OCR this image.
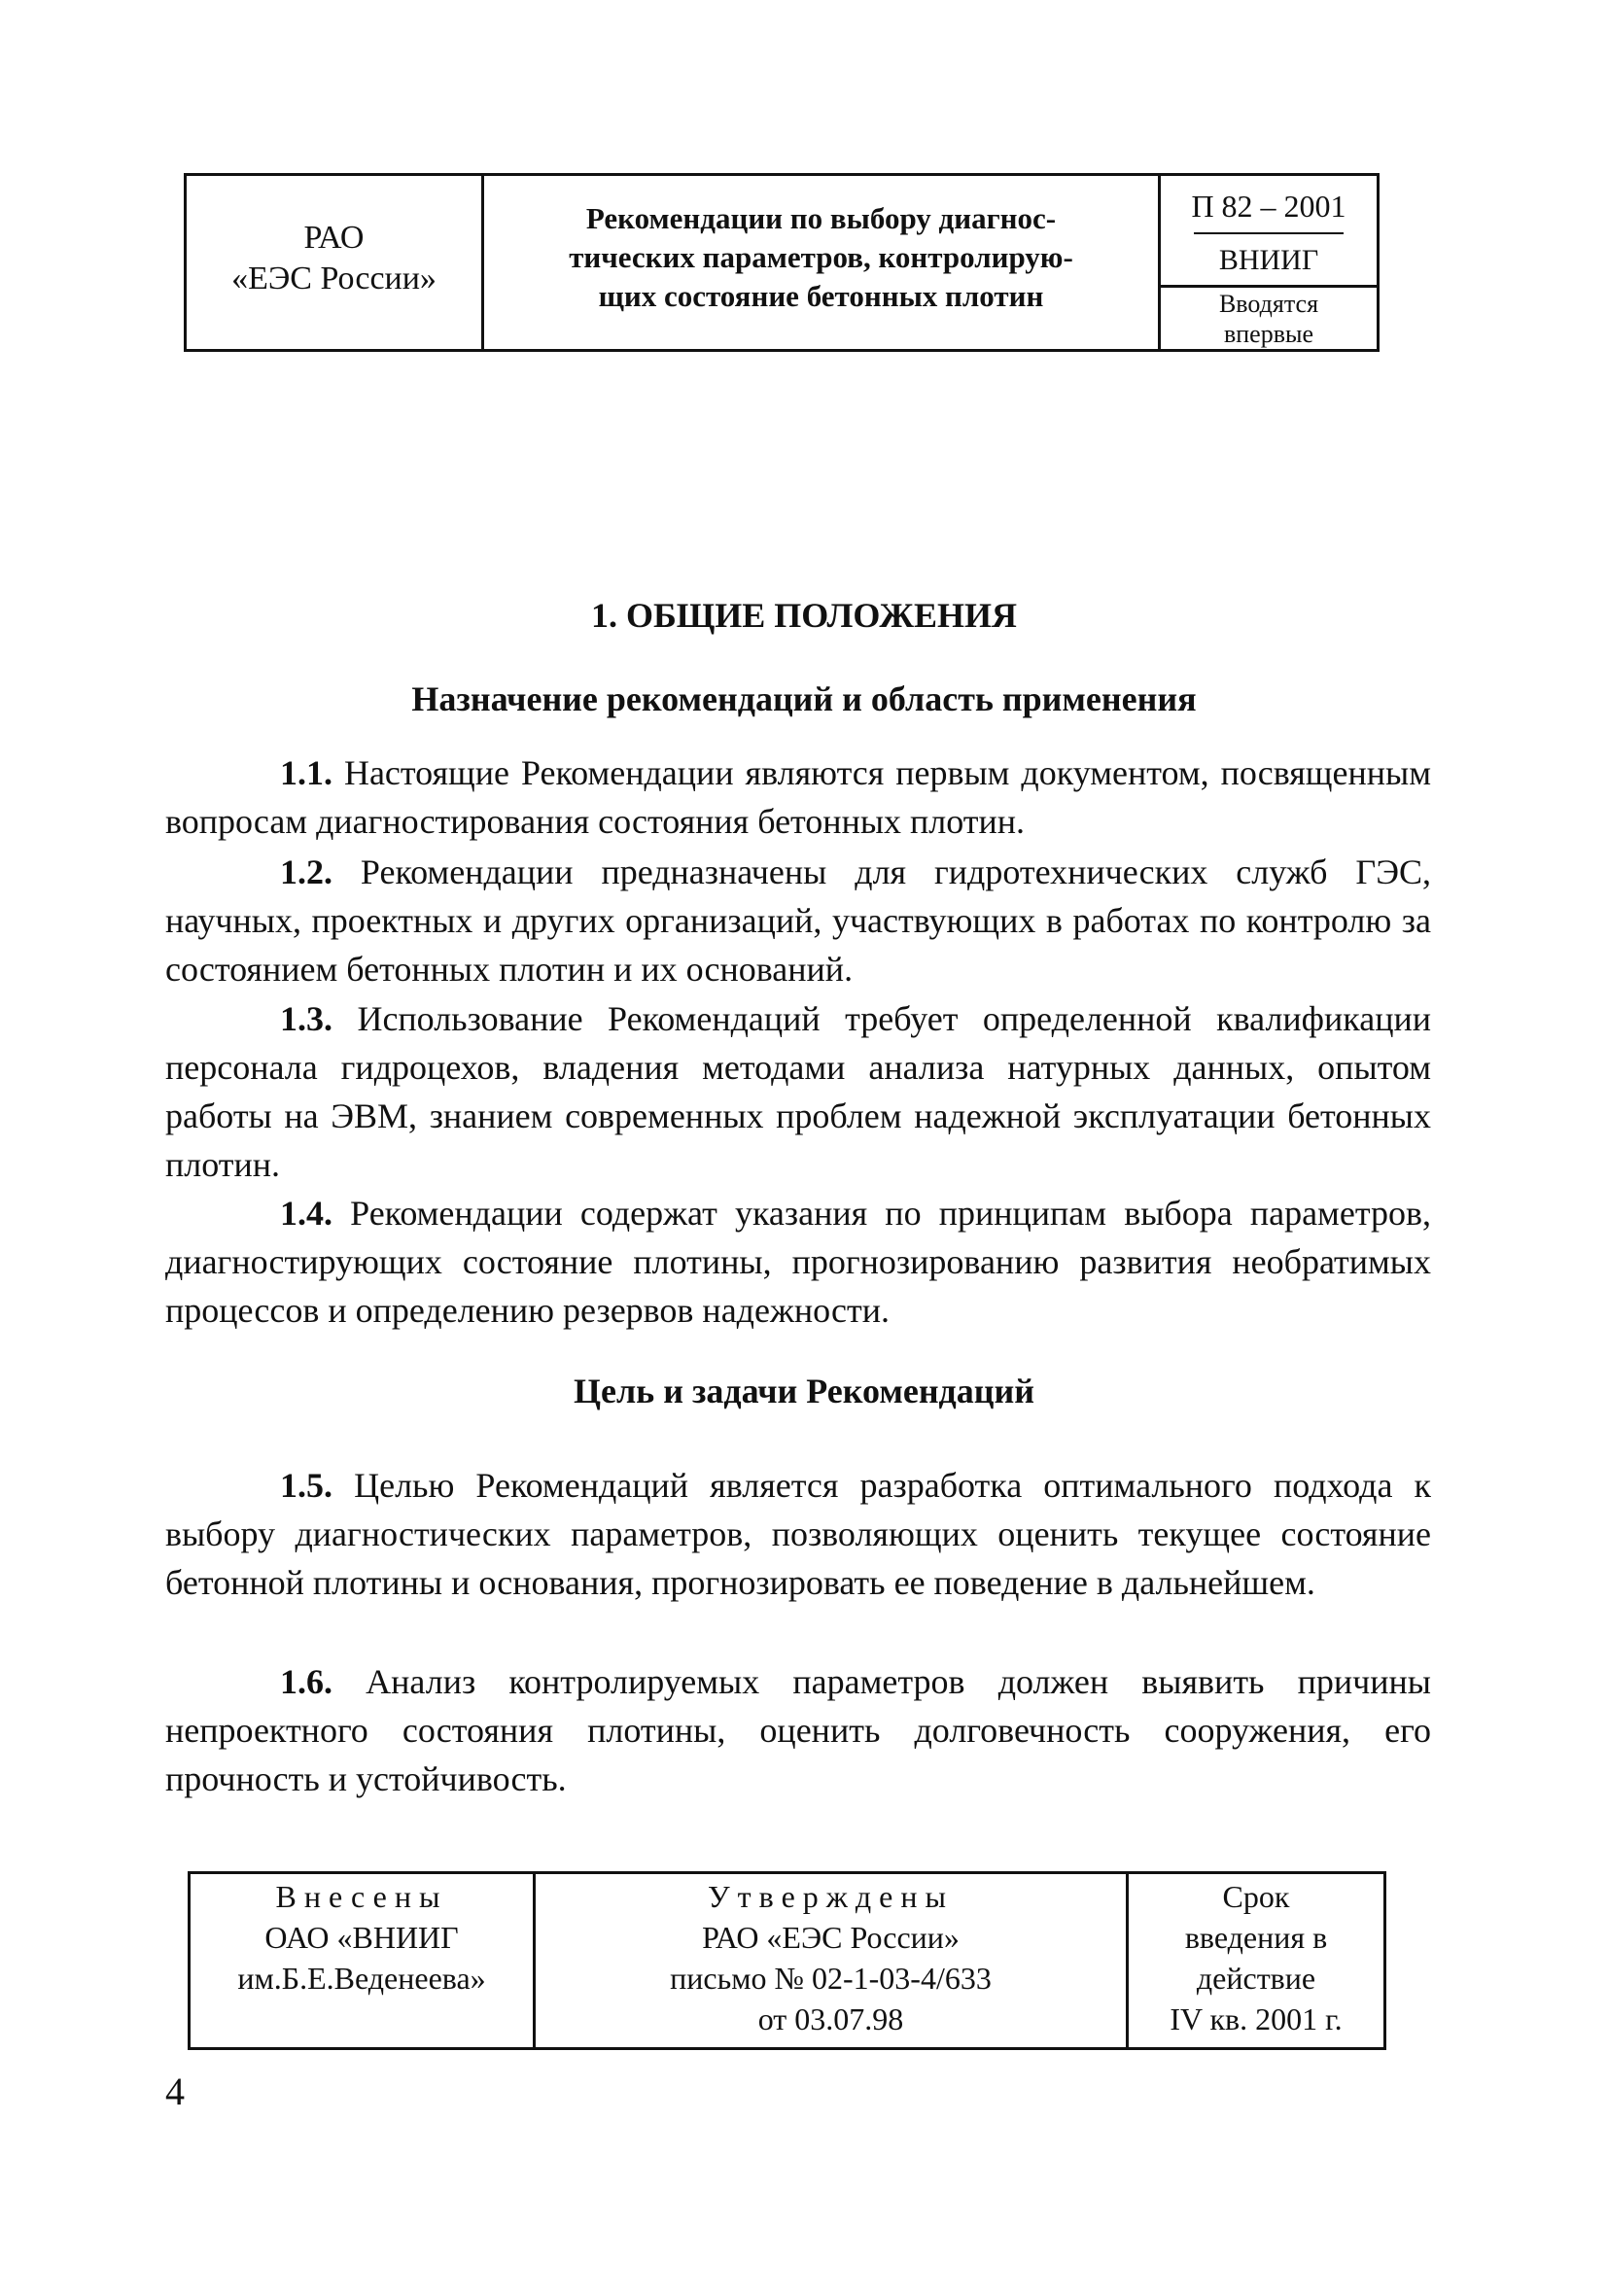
РАО
«ЕЭС России»
Рекомендации по выбору диагнос-
тических параметров, контролирую-
щих состояние бетонных плотин
П 82 – 2001
ВНИИГ
Вводятся
впервые
1. ОБЩИЕ ПОЛОЖЕНИЯ
Назначение рекомендаций и область применения

1.1. Настоящие Рекомендации являются первым документом, посвященным вопросам диагностирования состояния бетонных плотин.

1.2. Рекомендации предназначены для гидротехнических служб ГЭС, научных, проектных и других организаций, участвующих в работах по контролю за состоянием бетонных плотин и их оснований.

1.3. Использование Рекомендаций требует определенной квалификации персонала гидроцехов, владения методами анализа натурных данных, опытом работы на ЭВМ, знанием современных проблем надежной эксплуатации бетонных плотин.

1.4. Рекомендации содержат указания по принципам выбора параметров, диагностирующих состояние плотины, прогнозированию развития необратимых процессов и определению резервов надежности.

Цель и задачи Рекомендаций

1.5. Целью Рекомендаций является разработка оптимального подхода к выбору диагностических параметров, позволяющих оценить текущее состояние бетонной плотины и основания, прогнозировать ее поведение в дальнейшем.

1.6. Анализ контролируемых параметров должен выявить причины непроектного состояния плотины, оценить долговечность сооружения, его прочность и устойчивость.

Внесены
ОАО «ВНИИГ
им.Б.Е.Веденеева»
Утверждены
РАО «ЕЭС России»
письмо № 02-1-03-4/633
от 03.07.98
Срок
введения в
действие
IV кв. 2001 г.

4
